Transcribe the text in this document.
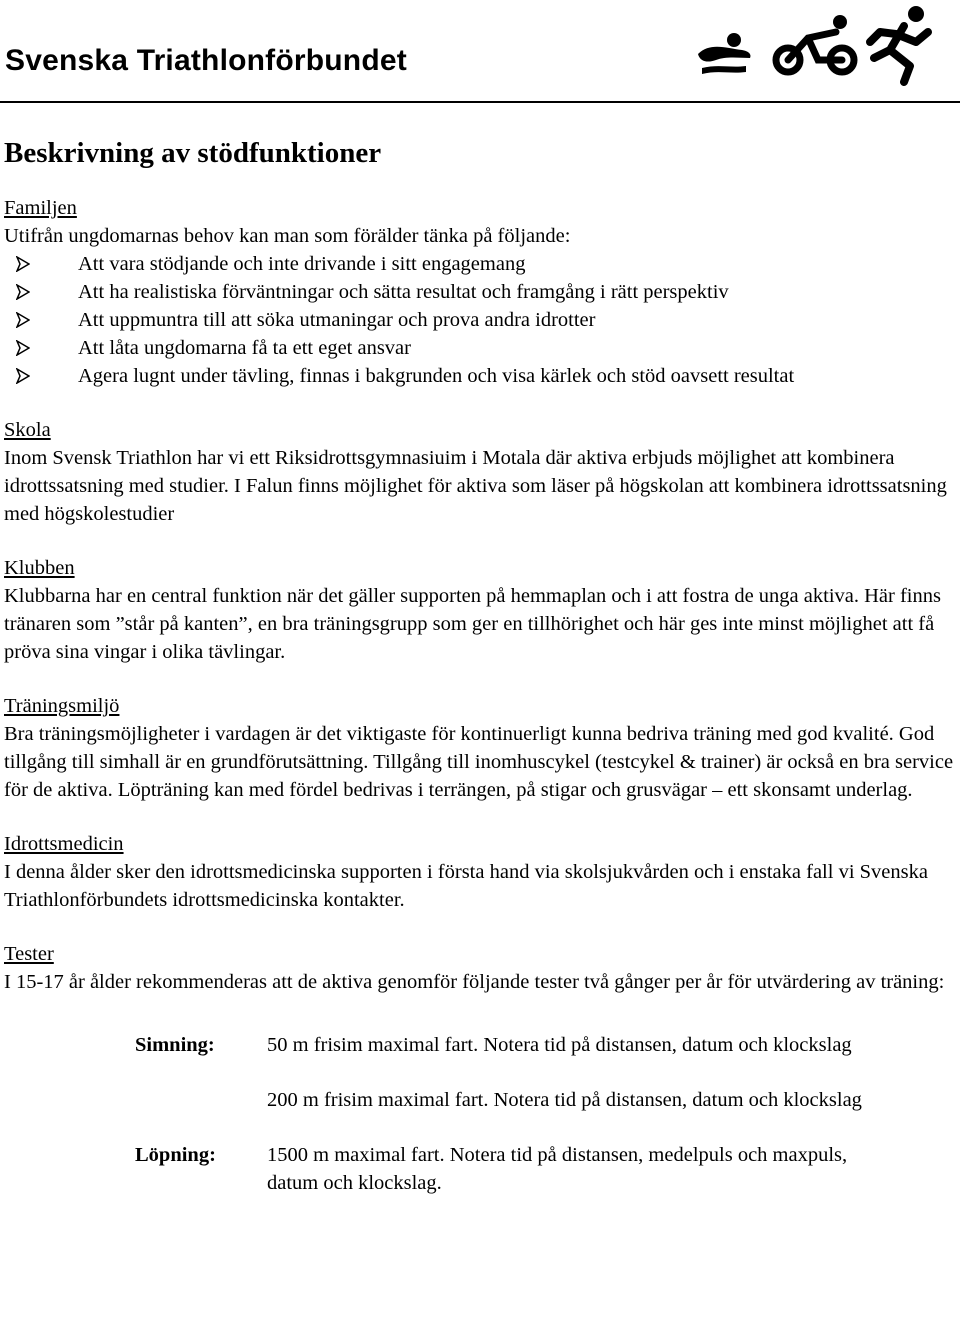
Svenska Triathlonförbundet
Beskrivning av stödfunktioner
Familjen
Utifrån ungdomarnas behov kan man som förälder tänka på följande:
Att vara stödjande och inte drivande i sitt engagemang
Att ha realistiska förväntningar och sätta resultat och framgång i rätt perspektiv
Att uppmuntra till att söka utmaningar och prova andra idrotter
Att låta ungdomarna få ta ett eget ansvar
Agera lugnt under tävling, finnas i bakgrunden och visa kärlek och stöd oavsett resultat
Skola
Inom Svensk Triathlon har vi ett Riksidrottsgymnasiuim i Motala där aktiva erbjuds möjlighet att kombinera idrottssatsning med studier. I Falun finns möjlighet för aktiva som läser på högskolan att kombinera idrottssatsning med högskolestudier
Klubben
Klubbarna har en central funktion när det gäller supporten på hemmaplan och i att fostra de unga aktiva. Här finns tränaren som ”står på kanten”, en bra träningsgrupp som ger en tillhörighet och här ges inte minst möjlighet att få pröva sina vingar i olika tävlingar.
Träningsmiljö
Bra träningsmöjligheter i vardagen är det viktigaste för kontinuerligt kunna bedriva träning med god kvalité. God tillgång till simhall är en grundförutsättning. Tillgång till inomhuscykel (testcykel & trainer) är också en bra service för de aktiva. Löpträning kan med fördel bedrivas i terrängen, på stigar och grusvägar – ett skonsamt underlag.
Idrottsmedicin
I denna ålder sker den idrottsmedicinska supporten i första hand via skolsjukvården och i enstaka fall vi Svenska Triathlonförbundets idrottsmedicinska kontakter.
Tester
I 15-17 år ålder rekommenderas att de aktiva genomför följande tester två gånger per år för utvärdering av träning:
Simning:	50 m frisim maximal fart. Notera tid på distansen, datum och klockslag
200 m frisim maximal fart. Notera tid på distansen, datum och klockslag
Löpning:	1500 m maximal fart. Notera tid på distansen, medelpuls och maxpuls, datum och klockslag.
